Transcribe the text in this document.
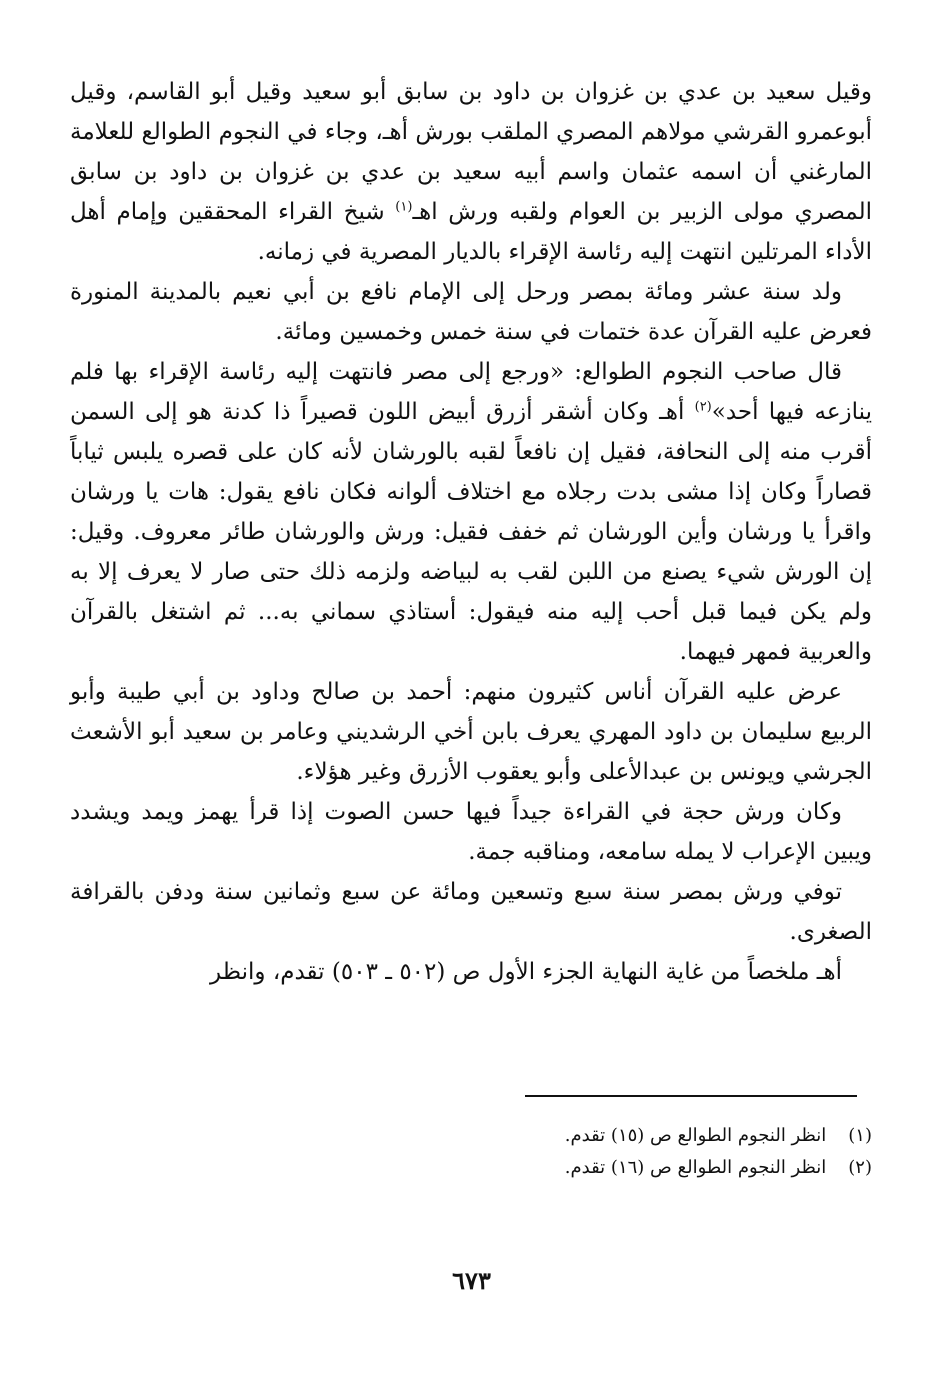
وقيل سعيد بن عدي بن غزوان بن داود بن سابق أبو سعيد وقيل أبو القاسم، وقيل أبوعمرو القرشي مولاهم المصري الملقب بورش أهـ، وجاء في النجوم الطوالع للعلامة المارغني أن اسمه عثمان واسم أبيه سعيد بن عدي بن غزوان بن داود بن سابق المصري مولى الزبير بن العوام ولقبه ورش اهـ$^{(١)}$ شيخ القراء المحققين وإمام أهل الأداء المرتلين انتهت إليه رئاسة الإقراء بالديار المصرية في زمانه.

ولد سنة عشر ومائة بمصر ورحل إلى الإمام نافع بن أبي نعيم بالمدينة المنورة فعرض عليه القرآن عدة ختمات في سنة خمس وخمسين ومائة.

قال صاحب النجوم الطوالع: «ورجع إلى مصر فانتهت إليه رئاسة الإقراء بها فلم ينازعه فيها أحد»$^{(٢)}$ أهـ وكان أشقر أزرق أبيض اللون قصيراً ذا كدنة هو إلى السمن أقرب منه إلى النحافة، فقيل إن نافعاً لقبه بالورشان لأنه كان على قصره يلبس ثياباً قصاراً وكان إذا مشى بدت رجلاه مع اختلاف ألوانه فكان نافع يقول: هات يا ورشان واقرأ يا ورشان وأين الورشان ثم خفف فقيل: ورش والورشان طائر معروف. وقيل: إن الورش شيء يصنع من اللبن لقب به لبياضه ولزمه ذلك حتى صار لا يعرف إلا به ولم يكن فيما قبل أحب إليه منه فيقول: أستاذي سماني به... ثم اشتغل بالقرآن والعربية فمهر فيهما.

عرض عليه القرآن أناس كثيرون منهم: أحمد بن صالح وداود بن أبي طيبة وأبو الربيع سليمان بن داود المهري يعرف بابن أخي الرشديني وعامر بن سعيد أبو الأشعث الجرشي ويونس بن عبدالأعلى وأبو يعقوب الأزرق وغير هؤلاء.

وكان ورش حجة في القراءة جيداً فيها حسن الصوت إذا قرأ يهمز ويمد ويشدد ويبين الإعراب لا يمله سامعه، ومناقبه جمة.

توفي ورش بمصر سنة سبع وتسعين ومائة عن سبع وثمانين سنة ودفن بالقرافة الصغرى.

أهـ ملخصاً من غاية النهاية الجزء الأول ص (٥٠٢ ـ ٥٠٣) تقدم، وانظر

(١)انظر النجوم الطوالع ص (١٥) تقدم.

(٢)انظر النجوم الطوالع ص (١٦) تقدم.

٦٧٣
